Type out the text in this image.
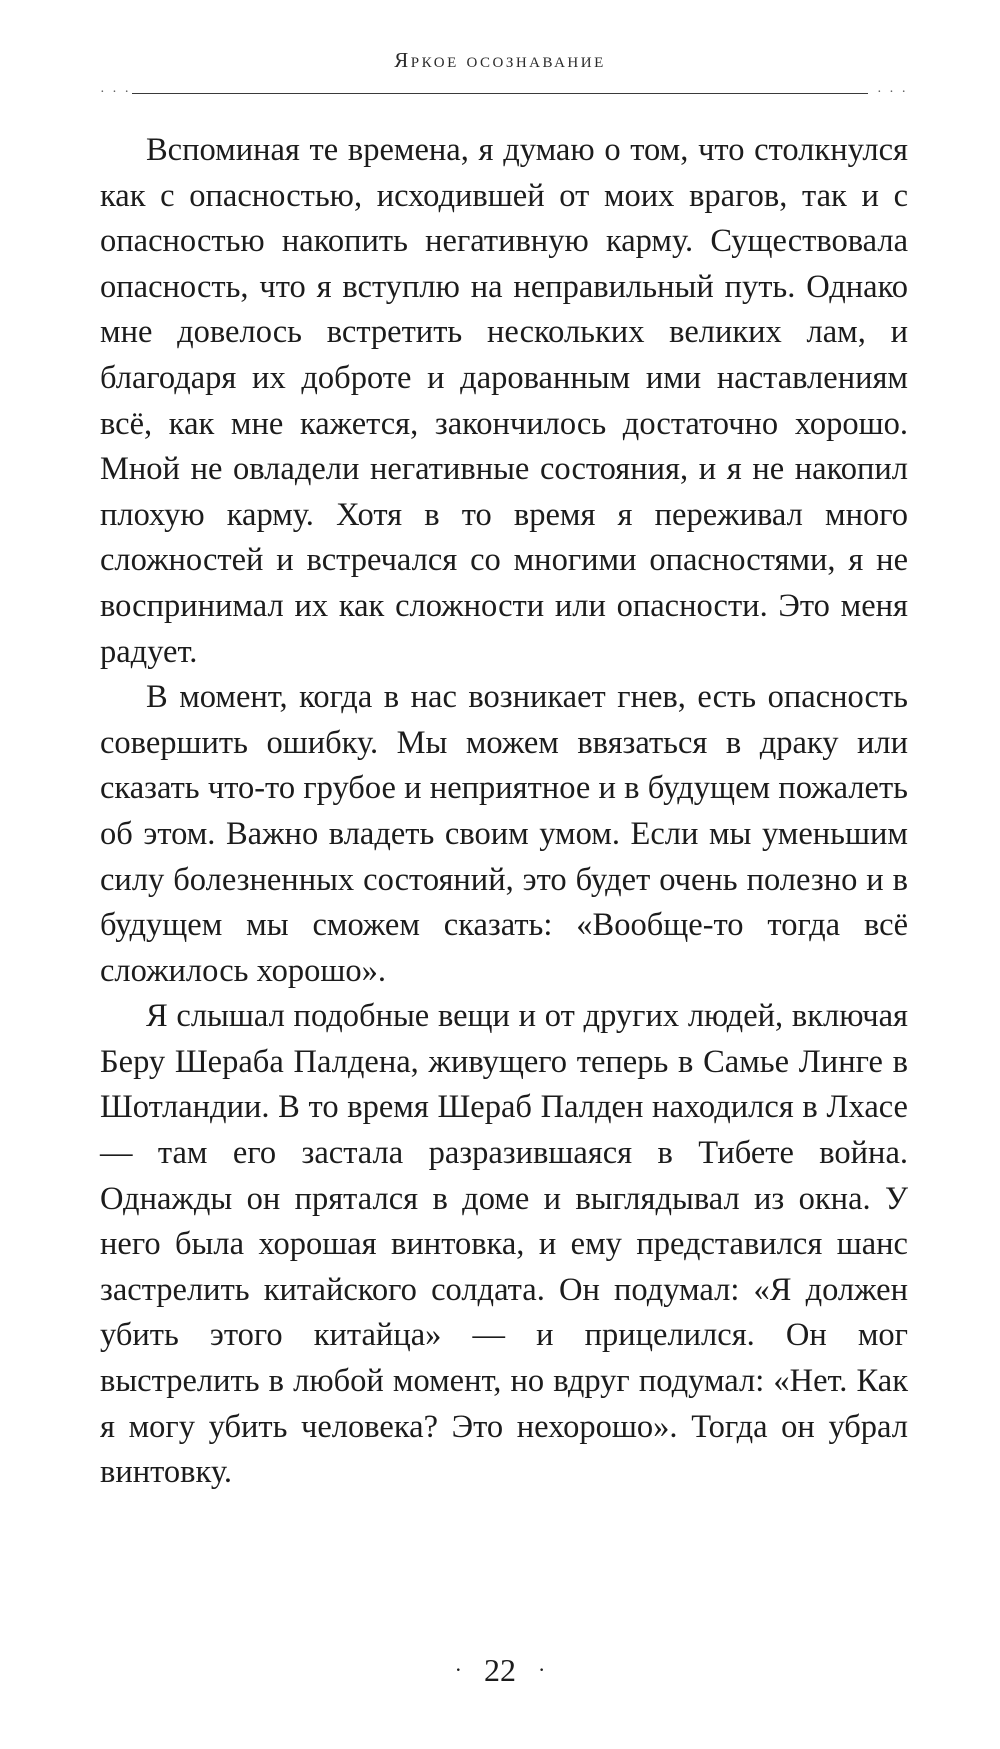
Яркое осознавание
· · ·	· · ·

Вспоминая те времена, я думаю о том, что столкнулся как с опасностью, исходившей от моих врагов, так и с опасностью накопить негативную карму. Существовала опасность, что я вступлю на неправильный путь. Однако мне довелось встретить нескольких великих лам, и благодаря их доброте и дарованным ими наставлениям всё, как мне кажется, закончилось достаточно хорошо. Мной не овладели негативные состояния, и я не накопил плохую карму. Хотя в то время я переживал много сложностей и встречался со многими опасностями, я не воспринимал их как сложности или опасности. Это меня радует.

В момент, когда в нас возникает гнев, есть опасность совершить ошибку. Мы можем ввязаться в драку или сказать что-то грубое и неприятное и в будущем пожалеть об этом. Важно владеть своим умом. Если мы уменьшим силу болезненных состояний, это будет очень полезно и в будущем мы сможем сказать: «Вообще-то тогда всё сложилось хорошо».

Я слышал подобные вещи и от других людей, включая Беру Шераба Палдена, живущего теперь в Самье Линге в Шотландии. В то время Шераб Палден находился в Лхасе — там его застала разразившаяся в Тибете война. Однажды он прятался в доме и выглядывал из окна. У него была хорошая винтовка, и ему представился шанс застрелить китайского солдата. Он подумал: «Я должен убить этого китайца» — и прицелился. Он мог выстрелить в любой момент, но вдруг подумал: «Нет. Как я могу убить человека? Это нехорошо». Тогда он убрал винтовку.

· 22 ·
